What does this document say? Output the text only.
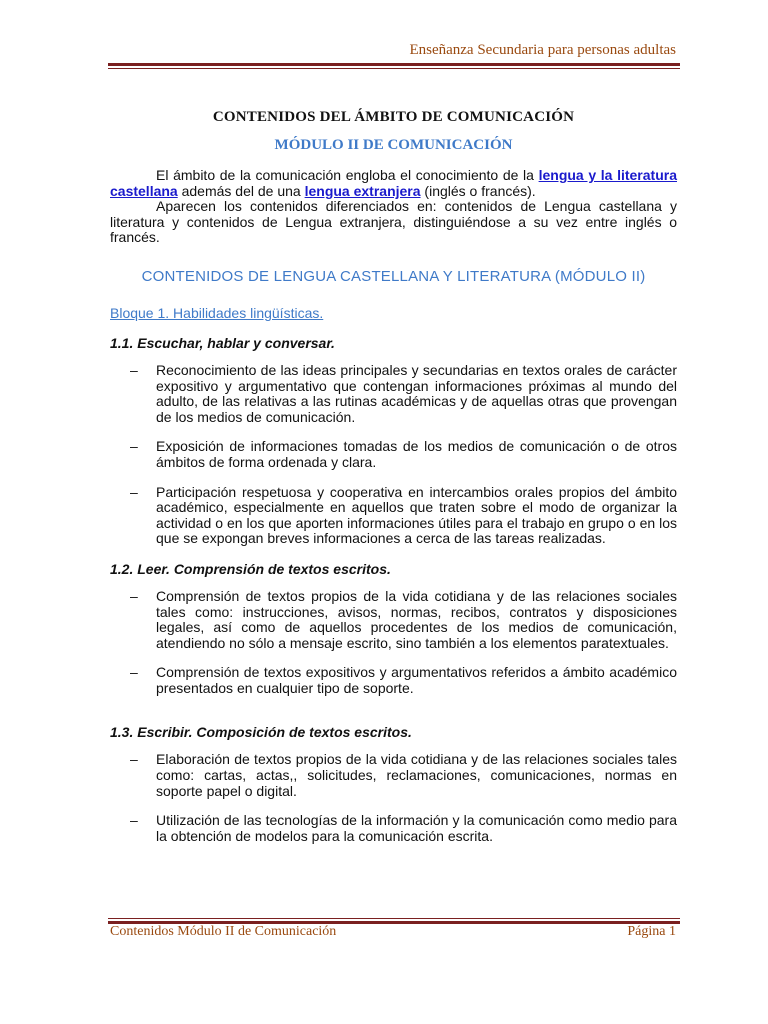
Enseñanza Secundaria para personas adultas
CONTENIDOS DEL ÁMBITO DE COMUNICACIÓN
MÓDULO II DE COMUNICACIÓN

El ámbito de la comunicación engloba el conocimiento de la lengua y la literatura castellana además del de una lengua extranjera (inglés o francés).

Aparecen los contenidos diferenciados en: contenidos de Lengua castellana y literatura y contenidos de Lengua extranjera, distinguiéndose a su vez entre inglés o francés.

CONTENIDOS DE LENGUA CASTELLANA Y LITERATURA (MÓDULO II)
Bloque 1. Habilidades lingüísticas.
1.1. Escuchar, hablar y conversar.
– Reconocimiento de las ideas principales y secundarias en textos orales de carácter expositivo y argumentativo que contengan informaciones próximas al mundo del adulto, de las relativas a las rutinas académicas y de aquellas otras que provengan de los medios de comunicación.
– Exposición de informaciones tomadas de los medios de comunicación o de otros ámbitos de forma ordenada y clara.
– Participación respetuosa y cooperativa en intercambios orales propios del ámbito académico, especialmente en aquellos que traten sobre el modo de organizar la actividad o en los que aporten informaciones útiles para el trabajo en grupo o en los que se expongan breves informaciones a cerca de las tareas realizadas.
1.2. Leer. Comprensión de textos escritos.
– Comprensión de textos propios de la vida cotidiana y de las relaciones sociales tales como: instrucciones, avisos, normas, recibos, contratos y disposiciones legales, así como de aquellos procedentes de los medios de comunicación, atendiendo no sólo a mensaje escrito, sino también a los elementos paratextuales.
– Comprensión de textos expositivos y argumentativos referidos a ámbito académico presentados en cualquier tipo de soporte.
1.3. Escribir. Composición de textos escritos.
– Elaboración de textos propios de la vida cotidiana y de las relaciones sociales tales como: cartas, actas,, solicitudes, reclamaciones, comunicaciones, normas en soporte papel o digital.
– Utilización de las tecnologías de la información y la comunicación como medio para la obtención de modelos para la comunicación escrita.
Contenidos Módulo II de Comunicación	Página 1
